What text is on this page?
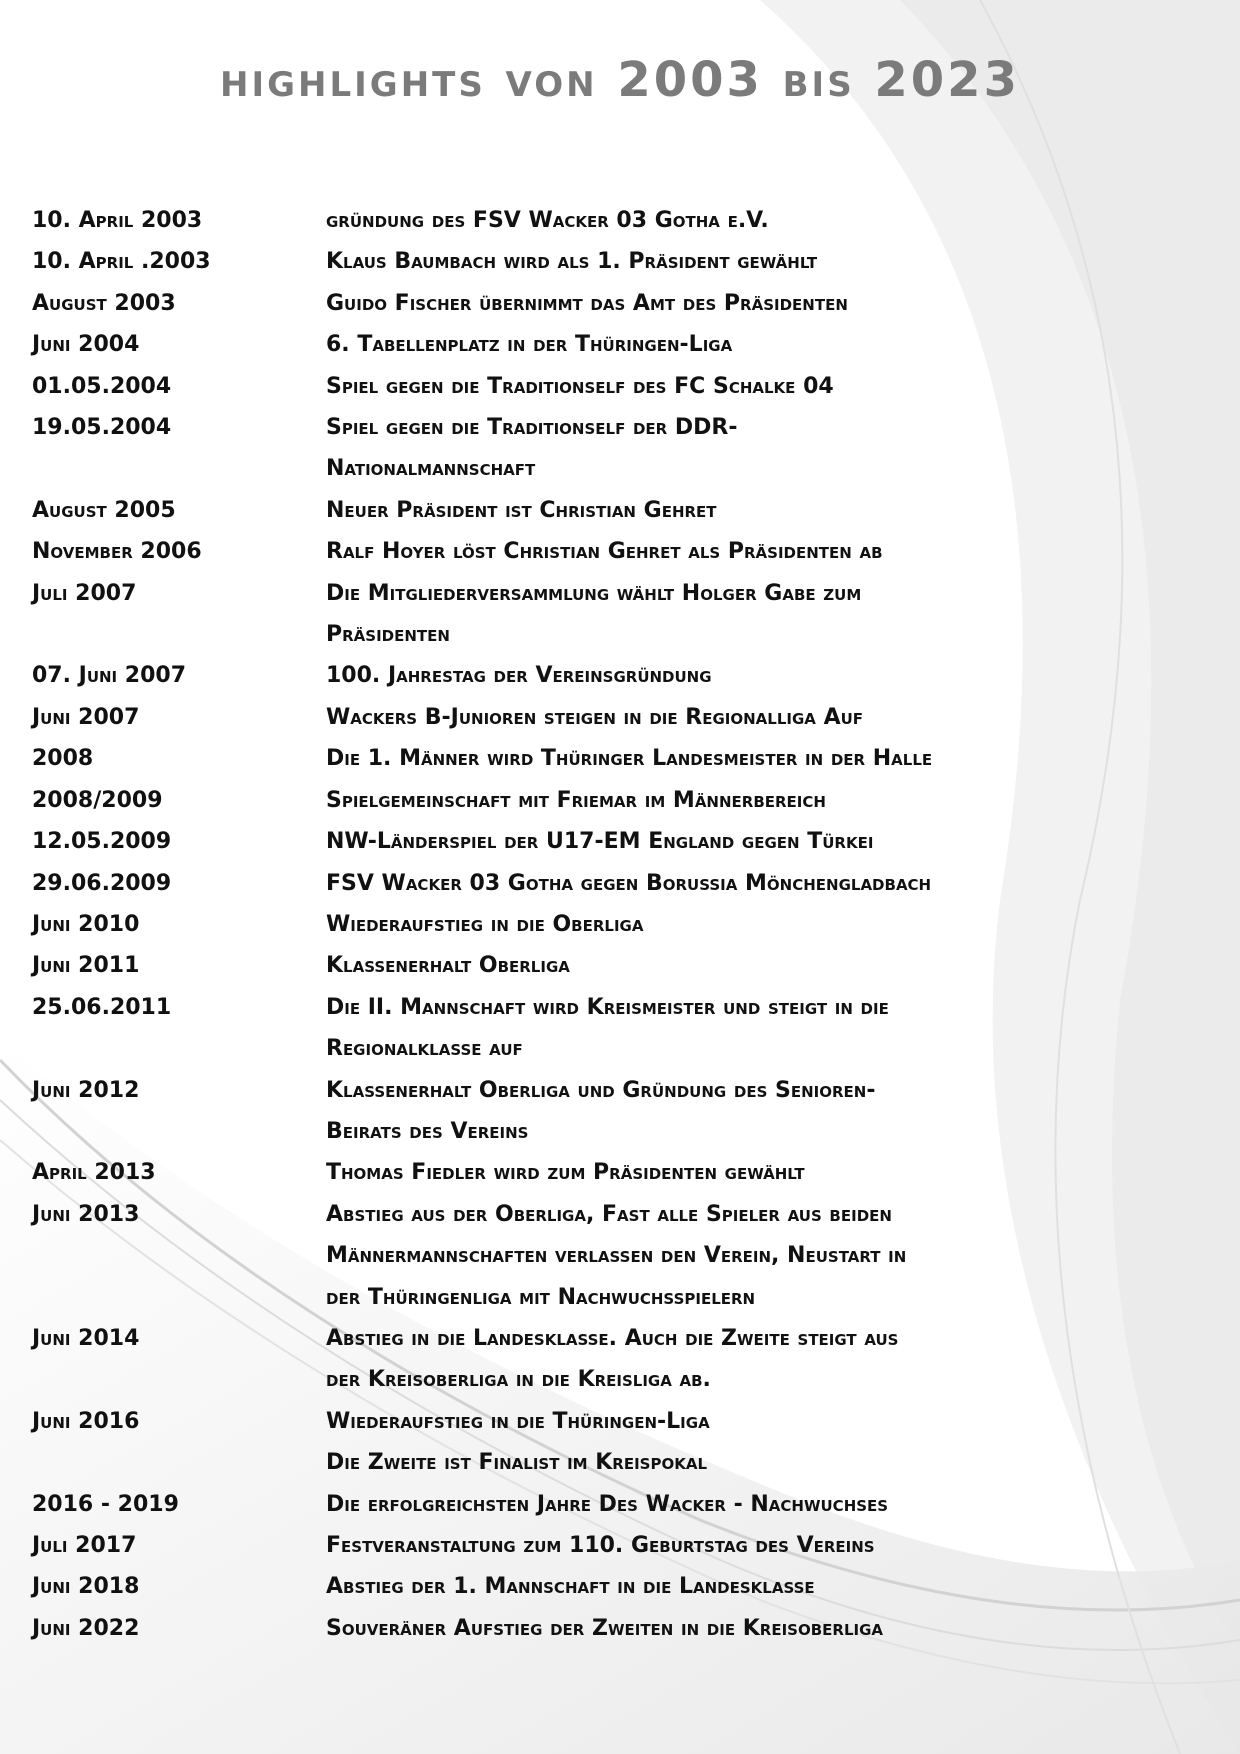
highlights von 2003 bis 2023
10. April 2003	gründung des FSV Wacker 03 Gotha e.V.
10. April .2003	Klaus Baumbach wird als 1. Präsident gewählt
August 2003	Guido Fischer übernimmt das Amt des Präsidenten
Juni 2004	6. Tabellenplatz in der Thüringen-Liga
01.05.2004	Spiel gegen die Traditionself des FC Schalke 04
19.05.2004	Spiel gegen die Traditionself der DDR-
Nationalmannschaft
August 2005	Neuer Präsident ist Christian Gehret
November 2006	Ralf Hoyer löst Christian Gehret als Präsidenten ab
Juli 2007	Die Mitgliederversammlung wählt Holger Gabe zum
Präsidenten
07. Juni 2007	100. Jahrestag der Vereinsgründung
Juni 2007	Wackers B-Junioren steigen in die Regionalliga Auf
2008	Die 1. Männer wird Thüringer Landesmeister in der Halle
2008/2009	Spielgemeinschaft mit Friemar im Männerbereich
12.05.2009	NW-Länderspiel der U17-EM England gegen Türkei
29.06.2009	FSV Wacker 03 Gotha gegen Borussia Mönchengladbach
Juni 2010	Wiederaufstieg in die Oberliga
Juni 2011	Klassenerhalt Oberliga
25.06.2011	Die II. Mannschaft wird Kreismeister und steigt in die
Regionalklasse auf
Juni 2012	Klassenerhalt Oberliga und Gründung des Senioren-
Beirats des Vereins
April 2013	Thomas Fiedler wird zum Präsidenten gewählt
Juni 2013	Abstieg aus der Oberliga, Fast alle Spieler aus beiden
Männermannschaften verlassen den Verein, Neustart in
der Thüringenliga mit Nachwuchsspielern
Juni 2014	Abstieg in die Landesklasse. Auch die Zweite steigt aus
der Kreisoberliga in die Kreisliga ab.
Juni 2016	Wiederaufstieg in die Thüringen-Liga
Die Zweite ist Finalist im Kreispokal
2016 - 2019	Die erfolgreichsten Jahre Des Wacker - Nachwuchses
Juli 2017	Festveranstaltung zum 110. Geburtstag des Vereins
Juni 2018	Abstieg der 1. Mannschaft in die Landesklasse
Juni 2022	Souveräner Aufstieg der Zweiten in die Kreisoberliga
